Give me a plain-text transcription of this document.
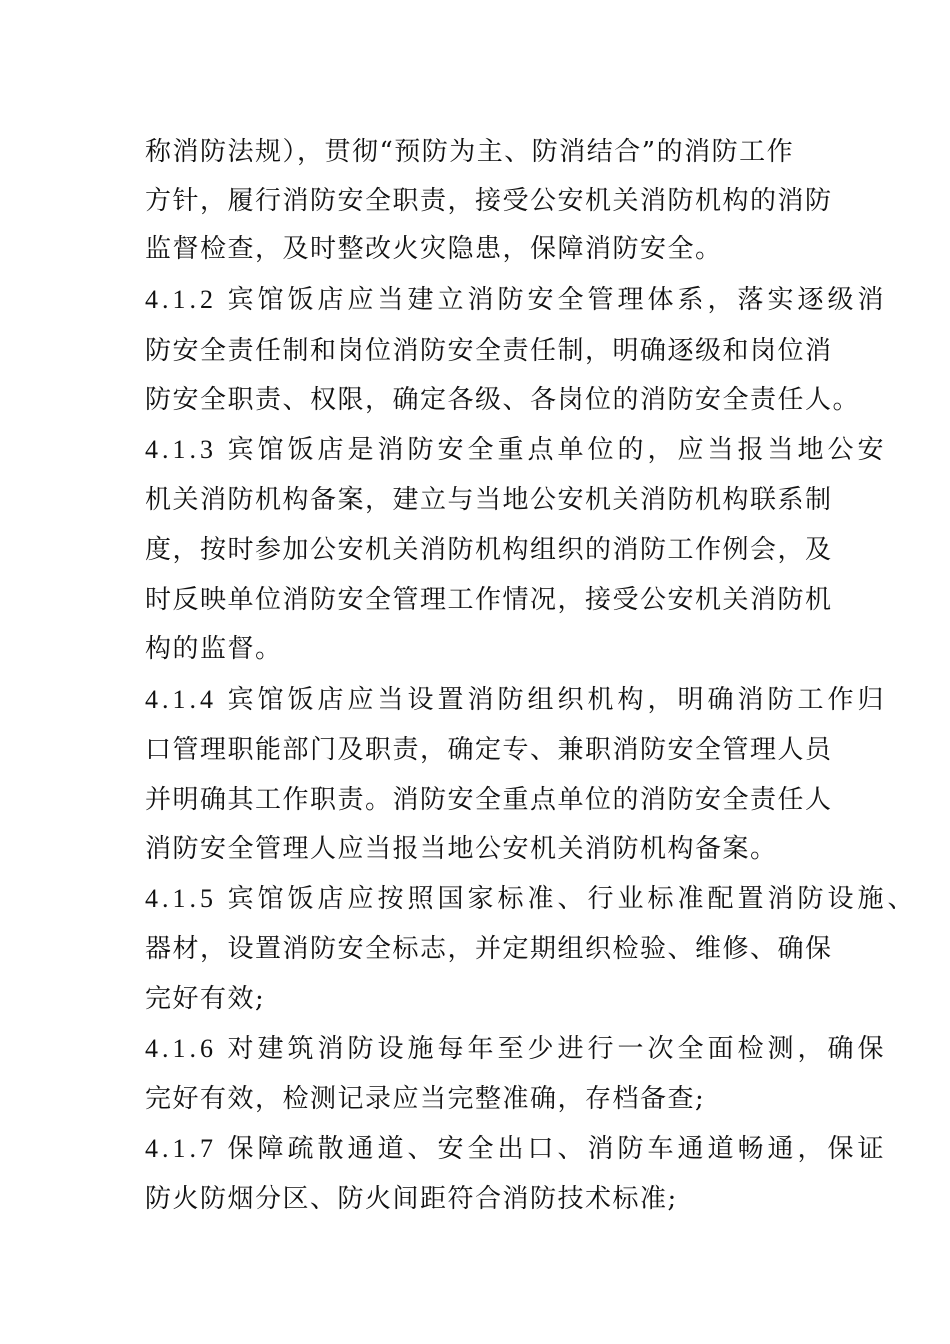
称消防法规），贯彻“预防为主、防消结合”的消防工作
方针，履行消防安全职责，接受公安机关消防机构的消防
监督检查，及时整改火灾隐患，保障消防安全。
4.1.2 宾馆饭店应当建立消防安全管理体系，落实逐级消
防安全责任制和岗位消防安全责任制，明确逐级和岗位消
防安全职责、权限，确定各级、各岗位的消防安全责任人。
4.1.3 宾馆饭店是消防安全重点单位的，应当报当地公安
机关消防机构备案，建立与当地公安机关消防机构联系制
度，按时参加公安机关消防机构组织的消防工作例会，及
时反映单位消防安全管理工作情况，接受公安机关消防机
构的监督。
4.1.4 宾馆饭店应当设置消防组织机构，明确消防工作归
口管理职能部门及职责，确定专、兼职消防安全管理人员
并明确其工作职责。消防安全重点单位的消防安全责任人
消防安全管理人应当报当地公安机关消防机构备案。
4.1.5 宾馆饭店应按照国家标准、行业标准配置消防设施、
器材，设置消防安全标志，并定期组织检验、维修、确保
完好有效;
4.1.6 对建筑消防设施每年至少进行一次全面检测，确保
完好有效，检测记录应当完整准确，存档备查;
4.1.7 保障疏散通道、安全出口、消防车通道畅通，保证
防火防烟分区、防火间距符合消防技术标准;
